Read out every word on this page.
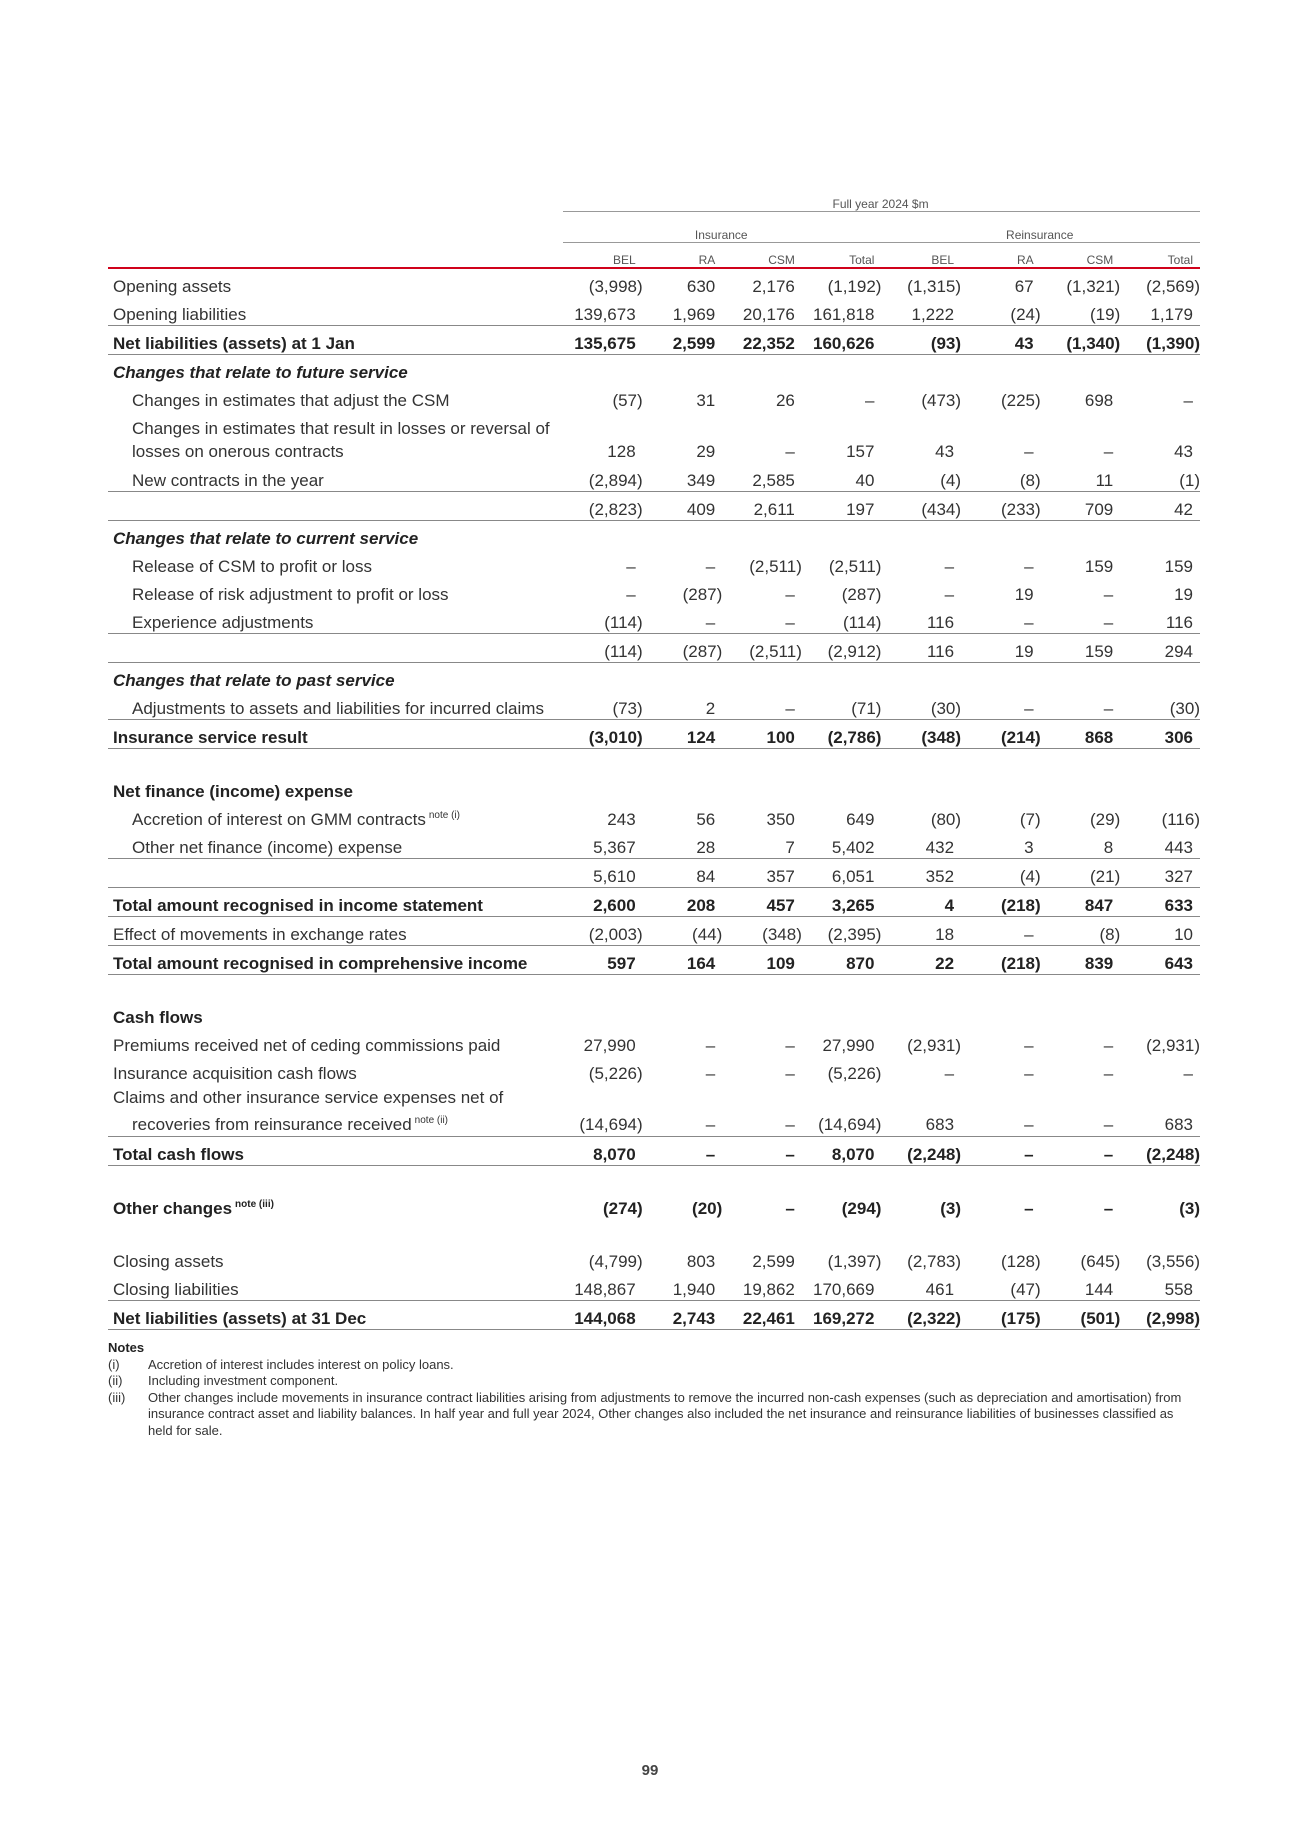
	Full year 2024 $m							
	Insurance				Reinsurance			
	BEL	RA	CSM	Total	BEL	RA	CSM	Total
Opening assets	(3,998)	630	2,176	(1,192)	(1,315)	67	(1,321)	(2,569)
Opening liabilities	139,673	1,969	20,176	161,818	1,222	(24)	(19)	1,179
Net liabilities (assets) at 1 Jan	135,675	2,599	22,352	160,626	(93)	43	(1,340)	(1,390)
Changes that relate to future service								
Changes in estimates that adjust the CSM	(57)	31	26	–	(473)	(225)	698	–

Changes in estimates that result in losses or reversal of
losses on onerous contracts	128	29	–	157	43	–	–	43
New contracts in the year	(2,894)	349	2,585	40	(4)	(8)	11	(1)
	(2,823)	409	2,611	197	(434)	(233)	709	42
Changes that relate to current service								
Release of CSM to profit or loss	–	–	(2,511)	(2,511)	–	–	159	159
Release of risk adjustment to profit or loss	–	(287)	–	(287)	–	19	–	19
Experience adjustments	(114)	–	–	(114)	116	–	–	116
	(114)	(287)	(2,511)	(2,912)	116	19	159	294
Changes that relate to past service								
Adjustments to assets and liabilities for incurred claims	(73)	2	–	(71)	(30)	–	–	(30)
Insurance service result	(3,010)	124	100	(2,786)	(348)	(214)	868	306

Net finance (income) expense								
Accretion of interest on GMM contracts $^{note (i)}$	243	56	350	649	(80)	(7)	(29)	(116)
Other net finance (income) expense	5,367	28	7	5,402	432	3	8	443
	5,610	84	357	6,051	352	(4)	(21)	327
Total amount recognised in income statement	2,600	208	457	3,265	4	(218)	847	633
Effect of movements in exchange rates	(2,003)	(44)	(348)	(2,395)	18	–	(8)	10
Total amount recognised in comprehensive income	597	164	109	870	22	(218)	839	643

Cash flows								
Premiums received net of ceding commissions paid	27,990	–	–	27,990	(2,931)	–	–	(2,931)
Insurance acquisition cash flows	(5,226)	–	–	(5,226)	–	–	–	–

Claims and other insurance service expenses net of
recoveries from reinsurance received $^{note (ii)}$	(14,694)	–	–	(14,694)	683	–	–	683
Total cash flows	8,070	–	–	8,070	(2,248)	–	–	(2,248)

Other changes $^{note (iii)}$	(274)	(20)	–	(294)	(3)	–	–	(3)

Closing assets	(4,799)	803	2,599	(1,397)	(2,783)	(128)	(645)	(3,556)
Closing liabilities	148,867	1,940	19,862	170,669	461	(47)	144	558
Net liabilities (assets) at 31 Dec	144,068	2,743	22,461	169,272	(2,322)	(175)	(501)	(2,998)
Notes
(i)	Accretion of interest includes interest on policy loans.
(ii)	Including investment component.
(iii)	Other changes include movements in insurance contract liabilities arising from adjustments to remove the incurred non-cash expenses (such as depreciation and amortisation) from insurance contract asset and liability balances. In half year and full year 2024, Other changes also included the net insurance and reinsurance liabilities of businesses classified as held for sale.
99
